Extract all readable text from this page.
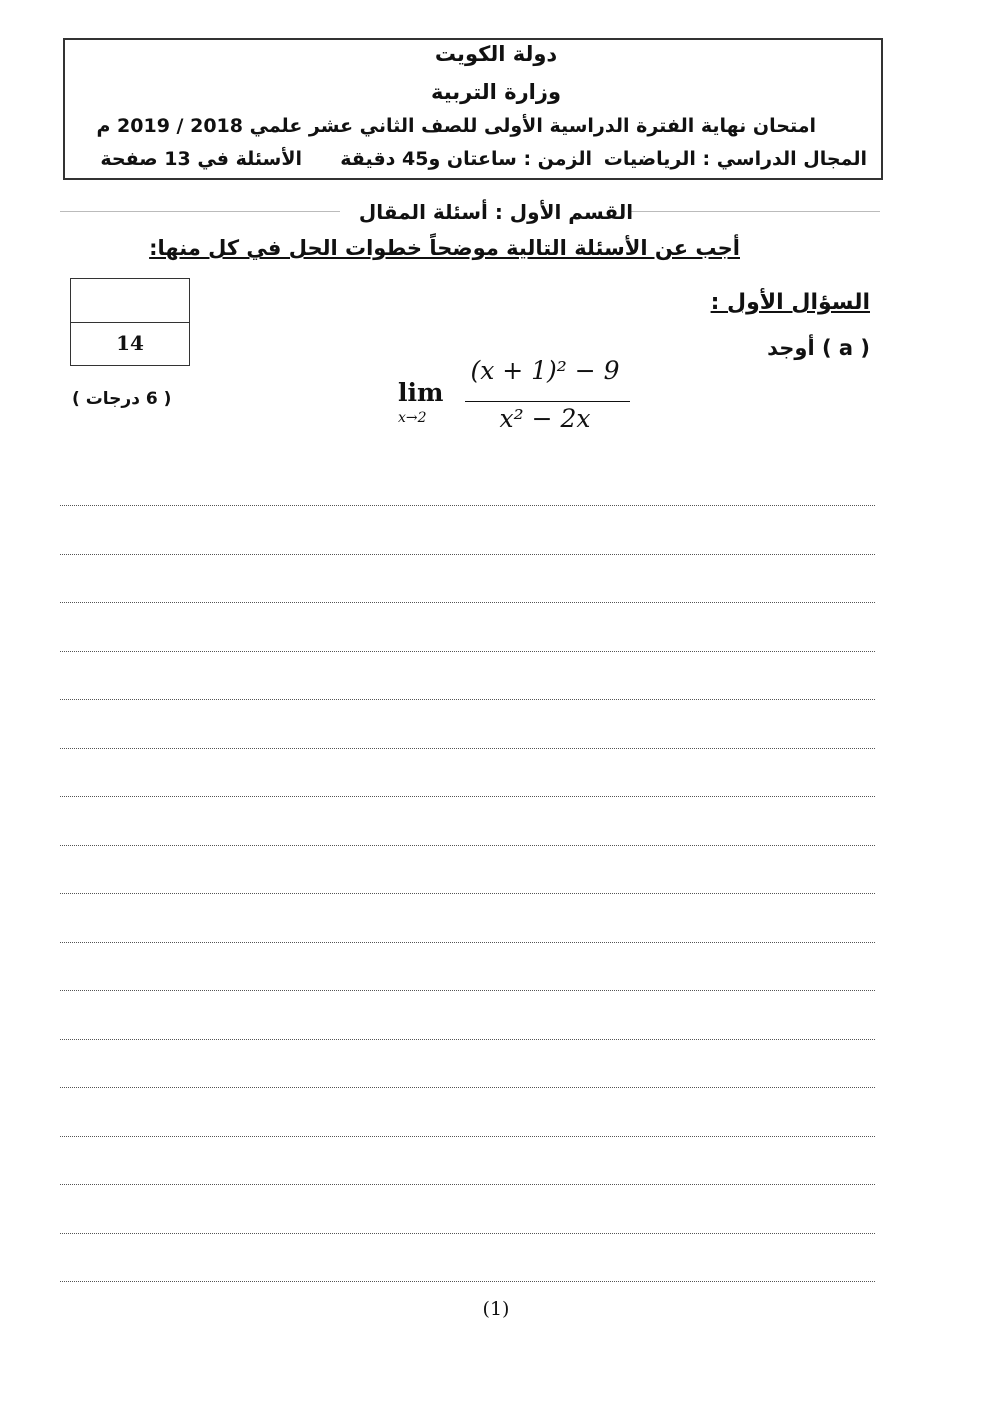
دولة الكويت
وزارة التربية
امتحان نهاية الفترة الدراسية الأولى للصف الثاني عشر علمي 2018 / 2019 م
المجال الدراسي : الرياضيات
الزمن : ساعتان و45 دقيقة
الأسئلة في 13 صفحة
القسم الأول : أسئلة المقال
أجب عن الأسئلة التالية موضحاً خطوات الحل في كل منها:
14
السؤال الأول :
( a ) أوجد
( 6 درجات )	lim
x→2
(x + 1)² − 9
x² − 2x
(1)
